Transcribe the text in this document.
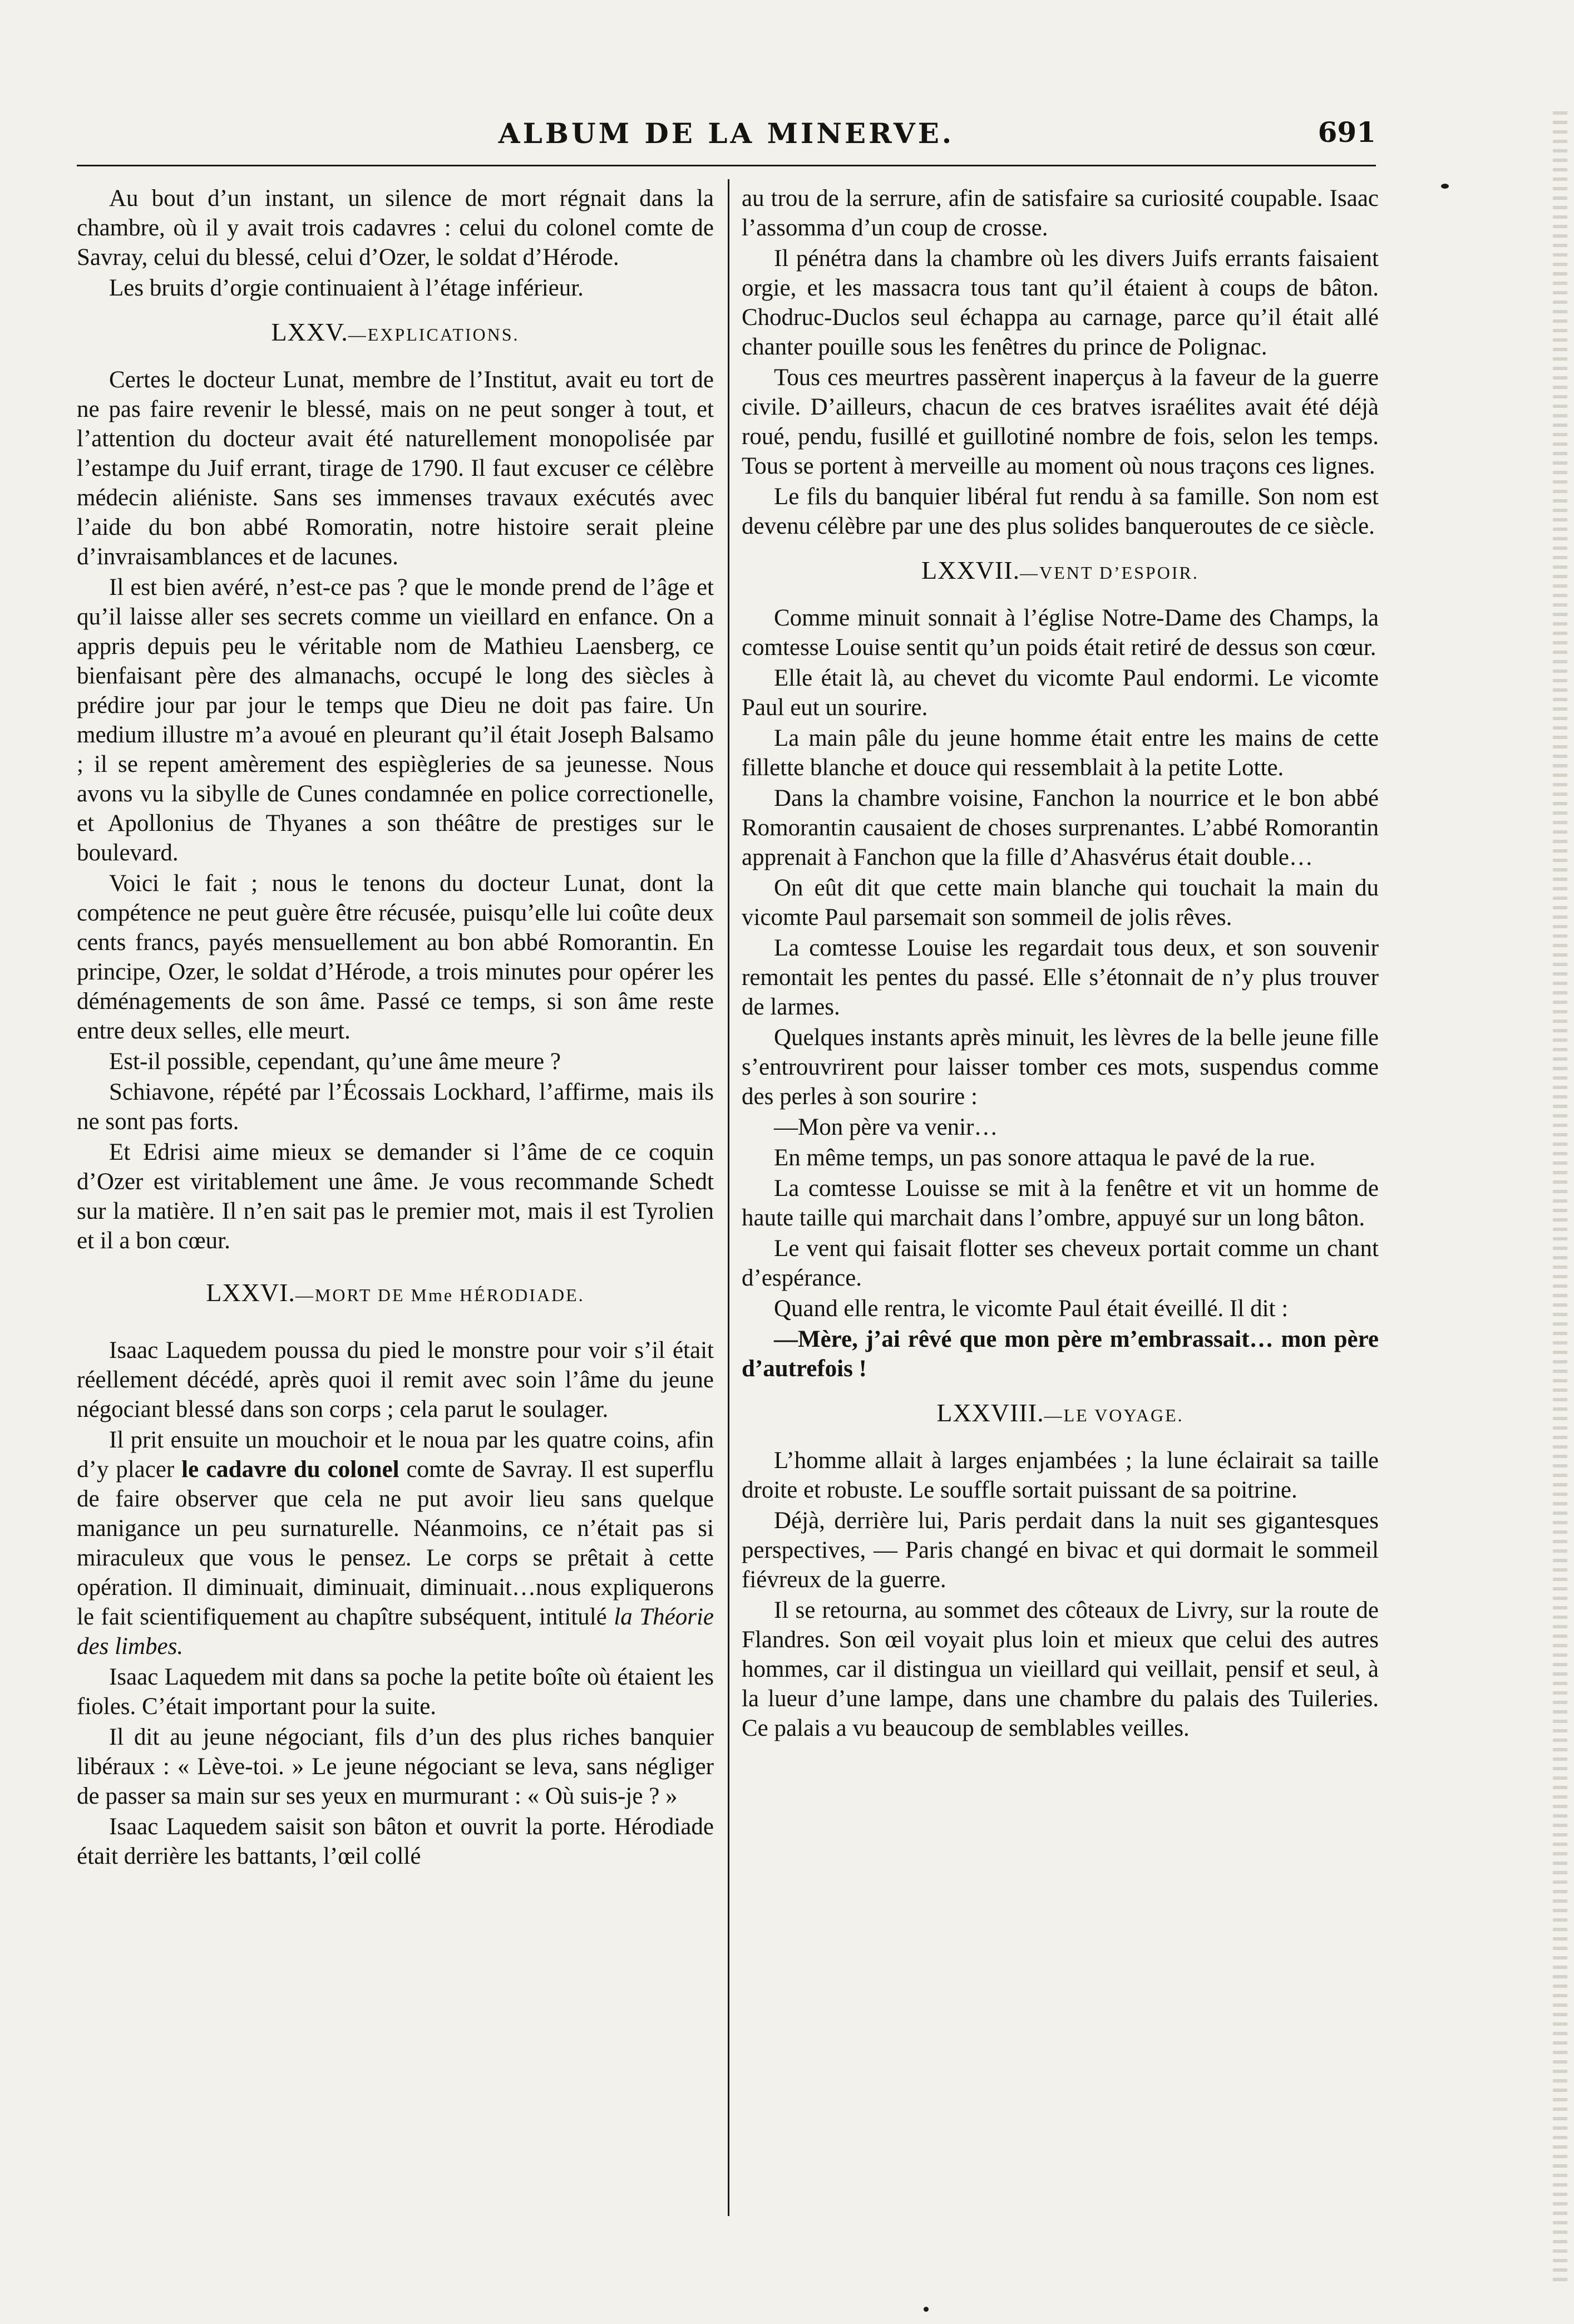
ALBUM DE LA MINERVE.	691

Au bout d’un instant, un silence de mort régnait dans la chambre, où il y avait trois cadavres : celui du colonel comte de Savray, celui du blessé, celui d’Ozer, le soldat d’Hérode.

Les bruits d’orgie continuaient à l’étage inférieur.

LXXV.—EXPLICATIONS.

Certes le docteur Lunat, membre de l’Institut, avait eu tort de ne pas faire revenir le blessé, mais on ne peut songer à tout, et l’attention du docteur avait été naturellement monopolisée par l’estampe du Juif errant, tirage de 1790. Il faut excuser ce célèbre médecin aliéniste. Sans ses immenses travaux exécutés avec l’aide du bon abbé Romoratin, notre histoire serait pleine d’invraisamblances et de lacunes.

Il est bien avéré, n’est-ce pas ? que le monde prend de l’âge et qu’il laisse aller ses secrets comme un vieillard en enfance. On a appris depuis peu le véritable nom de Mathieu Laensberg, ce bienfaisant père des almanachs, occupé le long des siècles à prédire jour par jour le temps que Dieu ne doit pas faire. Un medium illustre m’a avoué en pleurant qu’il était Joseph Balsamo ; il se repent amèrement des espiègleries de sa jeunesse. Nous avons vu la sibylle de Cunes condamnée en police correctionelle, et Apollonius de Thyanes a son théâtre de prestiges sur le boulevard.

Voici le fait ; nous le tenons du docteur Lunat, dont la compétence ne peut guère être récusée, puisqu’elle lui coûte deux cents francs, payés mensuellement au bon abbé Romorantin. En principe, Ozer, le soldat d’Hérode, a trois minutes pour opérer les déménagements de son âme. Passé ce temps, si son âme reste entre deux selles, elle meurt.

Est-il possible, cependant, qu’une âme meure ?

Schiavone, répété par l’Écossais Lockhard, l’affirme, mais ils ne sont pas forts.

Et Edrisi aime mieux se demander si l’âme de ce coquin d’Ozer est viritablement une âme. Je vous recommande Schedt sur la matière. Il n’en sait pas le premier mot, mais il est Tyrolien et il a bon cœur.

LXXVI.—MORT DE Mme HÉRODIADE.

Isaac Laquedem poussa du pied le monstre pour voir s’il était réellement décédé, après quoi il remit avec soin l’âme du jeune négociant blessé dans son corps ; cela parut le soulager.

Il prit ensuite un mouchoir et le noua par les quatre coins, afin d’y placer le cadavre du colonel comte de Savray. Il est superflu de faire observer que cela ne put avoir lieu sans quelque manigance un peu surnaturelle. Néanmoins, ce n’était pas si miraculeux que vous le pensez. Le corps se prêtait à cette opération. Il diminuait, diminuait, diminuait…nous expliquerons le fait scientifiquement au chapître subséquent, intitulé la Théorie des limbes.

Isaac Laquedem mit dans sa poche la petite boîte où étaient les fioles. C’était important pour la suite.

Il dit au jeune négociant, fils d’un des plus riches banquier libéraux : « Lève-toi. » Le jeune négociant se leva, sans négliger de passer sa main sur ses yeux en murmurant : « Où suis-je ? »

Isaac Laquedem saisit son bâton et ouvrit la porte. Hérodiade était derrière les battants, l’œil collé

au trou de la serrure, afin de satisfaire sa curiosité coupable. Isaac l’assomma d’un coup de crosse.

Il pénétra dans la chambre où les divers Juifs errants faisaient orgie, et les massacra tous tant qu’il étaient à coups de bâton. Chodruc-Duclos seul échappa au carnage, parce qu’il était allé chanter pouille sous les fenêtres du prince de Polignac.

Tous ces meurtres passèrent inaperçus à la faveur de la guerre civile. D’ailleurs, chacun de ces bratves israélites avait été déjà roué, pendu, fusillé et guillotiné nombre de fois, selon les temps. Tous se portent à merveille au moment où nous traçons ces lignes.

Le fils du banquier libéral fut rendu à sa famille. Son nom est devenu célèbre par une des plus solides banqueroutes de ce siècle.

LXXVII.—VENT D’ESPOIR.

Comme minuit sonnait à l’église Notre-Dame des Champs, la comtesse Louise sentit qu’un poids était retiré de dessus son cœur.

Elle était là, au chevet du vicomte Paul endormi. Le vicomte Paul eut un sourire.

La main pâle du jeune homme était entre les mains de cette fillette blanche et douce qui ressemblait à la petite Lotte.

Dans la chambre voisine, Fanchon la nourrice et le bon abbé Romorantin causaient de choses surprenantes. L’abbé Romorantin apprenait à Fanchon que la fille d’Ahasvérus était double…

On eût dit que cette main blanche qui touchait la main du vicomte Paul parsemait son sommeil de jolis rêves.

La comtesse Louise les regardait tous deux, et son souvenir remontait les pentes du passé. Elle s’étonnait de n’y plus trouver de larmes.

Quelques instants après minuit, les lèvres de la belle jeune fille s’entrouvrirent pour laisser tomber ces mots, suspendus comme des perles à son sourire :

—Mon père va venir…

En même temps, un pas sonore attaqua le pavé de la rue.

La comtesse Louisse se mit à la fenêtre et vit un homme de haute taille qui marchait dans l’ombre, appuyé sur un long bâton.

Le vent qui faisait flotter ses cheveux portait comme un chant d’espérance.

Quand elle rentra, le vicomte Paul était éveillé. Il dit :

—Mère, j’ai rêvé que mon père m’embrassait… mon père d’autrefois !

LXXVIII.—LE VOYAGE.

L’homme allait à larges enjambées ; la lune éclairait sa taille droite et robuste. Le souffle sortait puissant de sa poitrine.

Déjà, derrière lui, Paris perdait dans la nuit ses gigantesques perspectives, — Paris changé en bivac et qui dormait le sommeil fiévreux de la guerre.

Il se retourna, au sommet des côteaux de Livry, sur la route de Flandres. Son œil voyait plus loin et mieux que celui des autres hommes, car il distingua un vieillard qui veillait, pensif et seul, à la lueur d’une lampe, dans une chambre du palais des Tuileries. Ce palais a vu beaucoup de semblables veilles.
